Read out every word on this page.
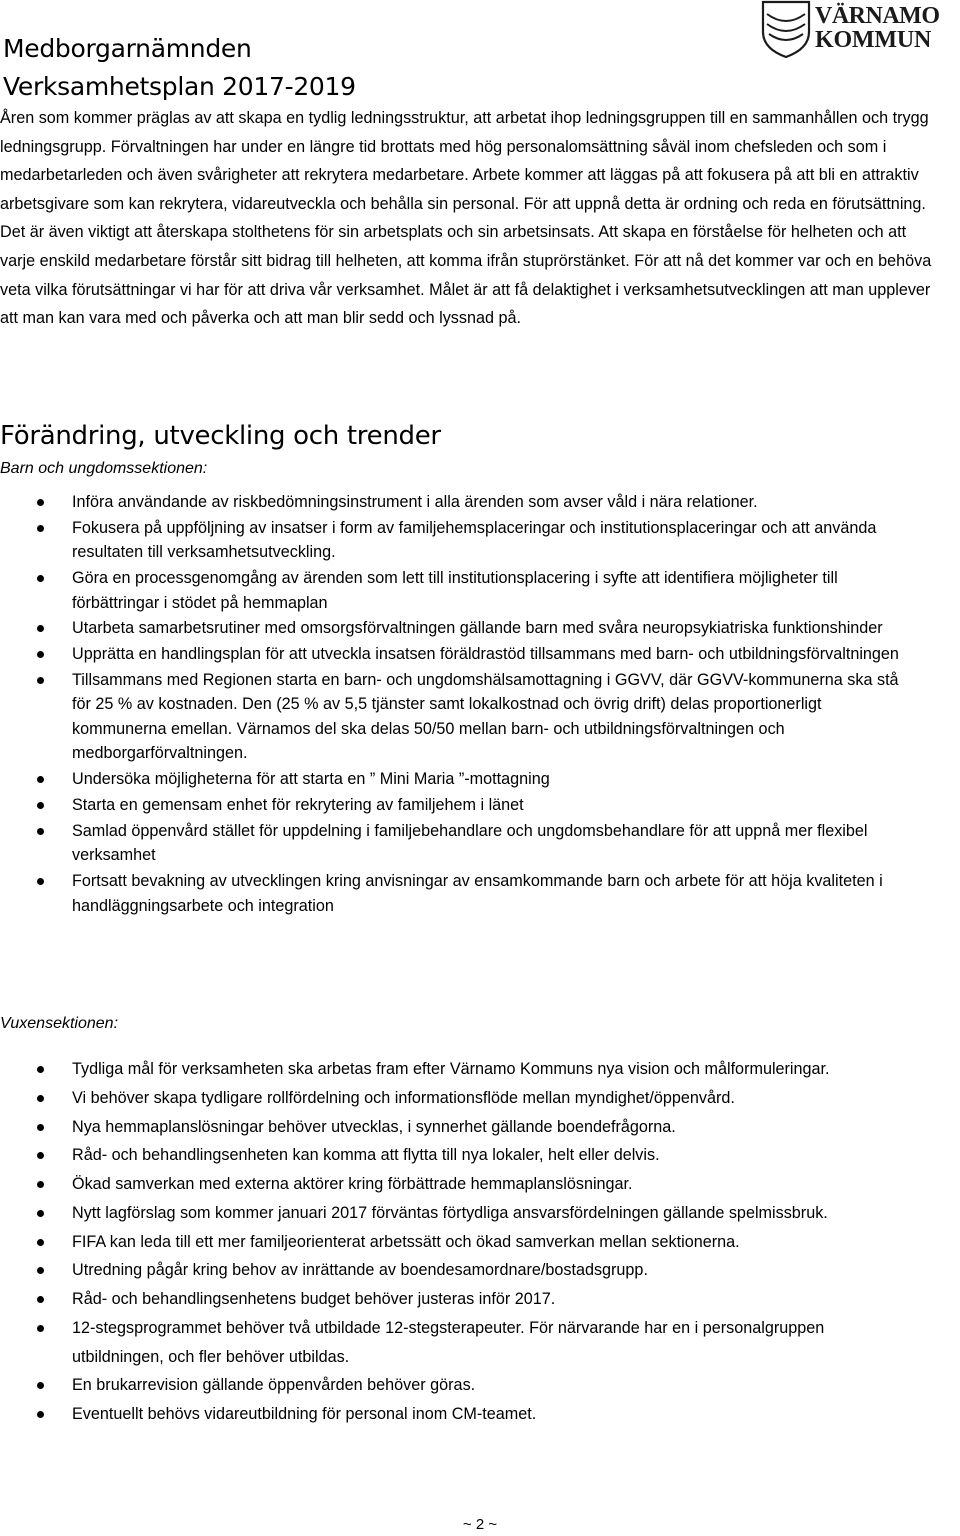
Medborgarnämnden
Verksamhetsplan 2017-2019
VÄRNAMO
KOMMUN

Åren som kommer präglas av att skapa en tydlig ledningsstruktur, att arbetat ihop ledningsgruppen till en sammanhållen och trygg ledningsgrupp. Förvaltningen har under en längre tid brottats med hög personalomsättning såväl inom chefsleden och som i medarbetarleden och även svårigheter att rekrytera medarbetare. Arbete kommer att läggas på att fokusera på att bli en attraktiv arbetsgivare som kan rekrytera, vidareutveckla och behålla sin personal. För att uppnå detta är ordning och reda en förutsättning. Det är även viktigt att återskapa stolthetens för sin arbetsplats och sin arbetsinsats. Att skapa en förståelse för helheten och att varje enskild medarbetare förstår sitt bidrag till helheten, att komma ifrån stuprörstänket. För att nå det kommer var och en behöva veta vilka förutsättningar vi har för att driva vår verksamhet. Målet är att få delaktighet i verksamhetsutvecklingen att man upplever att man kan vara med och påverka och att man blir sedd och lyssnad på.

Förändring, utveckling och trender
Barn och ungdomssektionen:
Införa användande av riskbedömningsinstrument i alla ärenden som avser våld i nära relationer.
Fokusera på uppföljning av insatser i form av familjehemsplaceringar och institutionsplaceringar och att använda resultaten till verksamhetsutveckling.
Göra en processgenomgång av ärenden som lett till institutionsplacering i syfte att identifiera möjligheter till förbättringar i stödet på hemmaplan
Utarbeta samarbetsrutiner med omsorgsförvaltningen gällande barn med svåra neuropsykiatriska funktionshinder
Upprätta en handlingsplan för att utveckla insatsen föräldrastöd tillsammans med barn- och utbildningsförvaltningen
Tillsammans med Regionen starta en barn- och ungdomshälsamottagning i GGVV, där GGVV-kommunerna ska stå för 25 % av kostnaden. Den (25 % av 5,5 tjänster samt lokalkostnad och övrig drift) delas proportionerligt kommunerna emellan. Värnamos del ska delas 50/50 mellan barn- och utbildningsförvaltningen och medborgarförvaltningen.
Undersöka möjligheterna för att starta en ” Mini Maria ”-mottagning
Starta en gemensam enhet för rekrytering av familjehem i länet
Samlad öppenvård stället för uppdelning i familjebehandlare och ungdomsbehandlare för att uppnå mer flexibel verksamhet
Fortsatt bevakning av utvecklingen kring anvisningar av ensamkommande barn och arbete för att höja kvaliteten i handläggningsarbete och integration
Vuxensektionen:
Tydliga mål för verksamheten ska arbetas fram efter Värnamo Kommuns nya vision och målformuleringar.
Vi behöver skapa tydligare rollfördelning och informationsflöde mellan myndighet/öppenvård.
Nya hemmaplanslösningar behöver utvecklas, i synnerhet gällande boendefrågorna.
Råd- och behandlingsenheten kan komma att flytta till nya lokaler, helt eller delvis.
Ökad samverkan med externa aktörer kring förbättrade hemmaplanslösningar.
Nytt lagförslag som kommer januari 2017 förväntas förtydliga ansvarsfördelningen gällande spelmissbruk.
FIFA kan leda till ett mer familjeorienterat arbetssätt och ökad samverkan mellan sektionerna.
Utredning pågår kring behov av inrättande av boendesamordnare/bostadsgrupp.
Råd- och behandlingsenhetens budget behöver justeras inför 2017.
12-stegsprogrammet behöver två utbildade 12-stegsterapeuter. För närvarande har en i personalgruppen utbildningen, och fler behöver utbildas.
En brukarrevision gällande öppenvården behöver göras.
Eventuellt behövs vidareutbildning för personal inom CM-teamet.
~ 2 ~
